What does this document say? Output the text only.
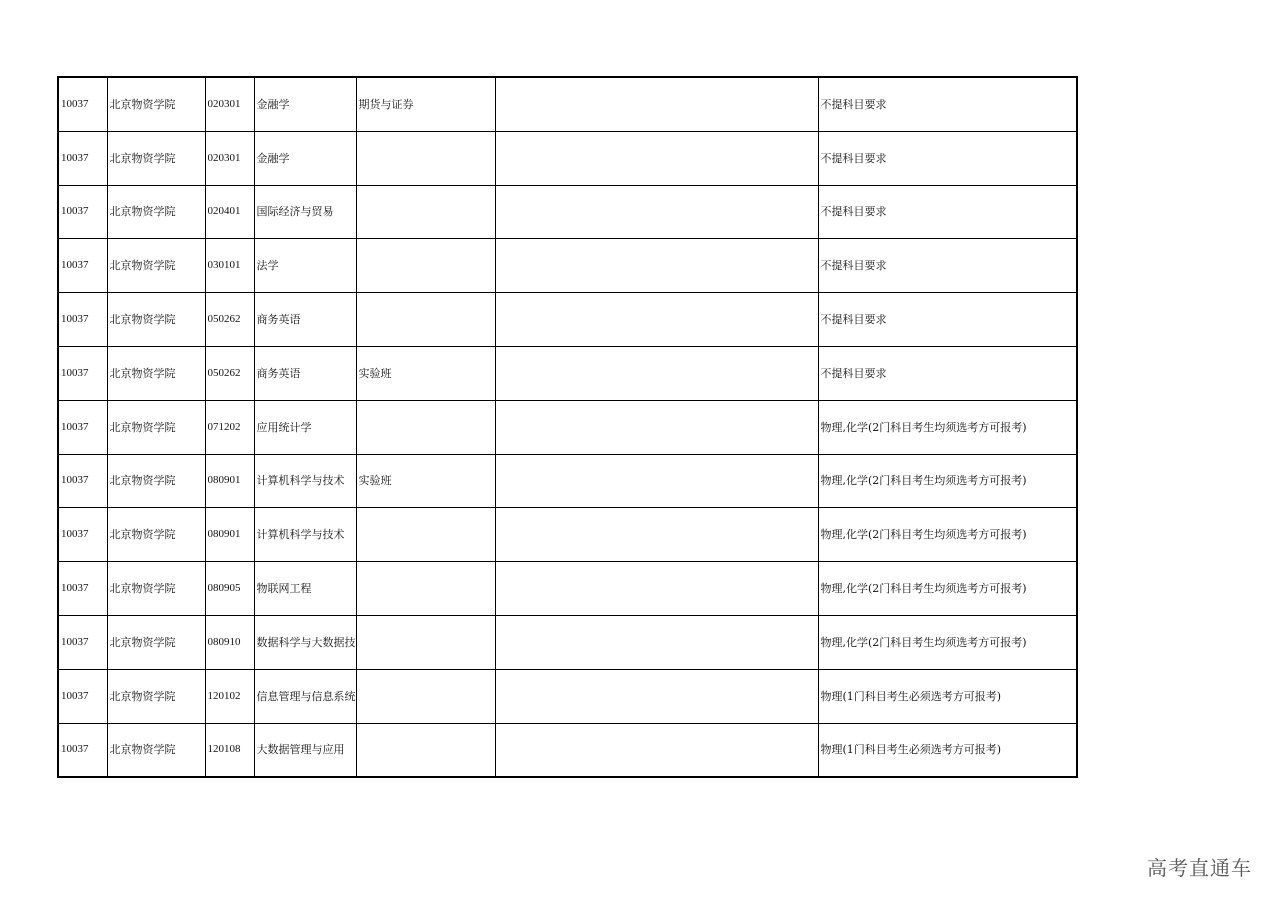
10037	北京物资学院	020301	金融学	期货与证券		不提科目要求
10037	北京物资学院	020301	金融学			不提科目要求
10037	北京物资学院	020401	国际经济与贸易			不提科目要求
10037	北京物资学院	030101	法学			不提科目要求
10037	北京物资学院	050262	商务英语			不提科目要求
10037	北京物资学院	050262	商务英语	实验班		不提科目要求
10037	北京物资学院	071202	应用统计学			物理,化学(2门科目考生均须选考方可报考)
10037	北京物资学院	080901	计算机科学与技术	实验班		物理,化学(2门科目考生均须选考方可报考)
10037	北京物资学院	080901	计算机科学与技术			物理,化学(2门科目考生均须选考方可报考)
10037	北京物资学院	080905	物联网工程			物理,化学(2门科目考生均须选考方可报考)
10037	北京物资学院	080910	数据科学与大数据技			物理,化学(2门科目考生均须选考方可报考)
10037	北京物资学院	120102	信息管理与信息系统			物理(1门科目考生必须选考方可报考)
10037	北京物资学院	120108	大数据管理与应用			物理(1门科目考生必须选考方可报考)
高考直通车
